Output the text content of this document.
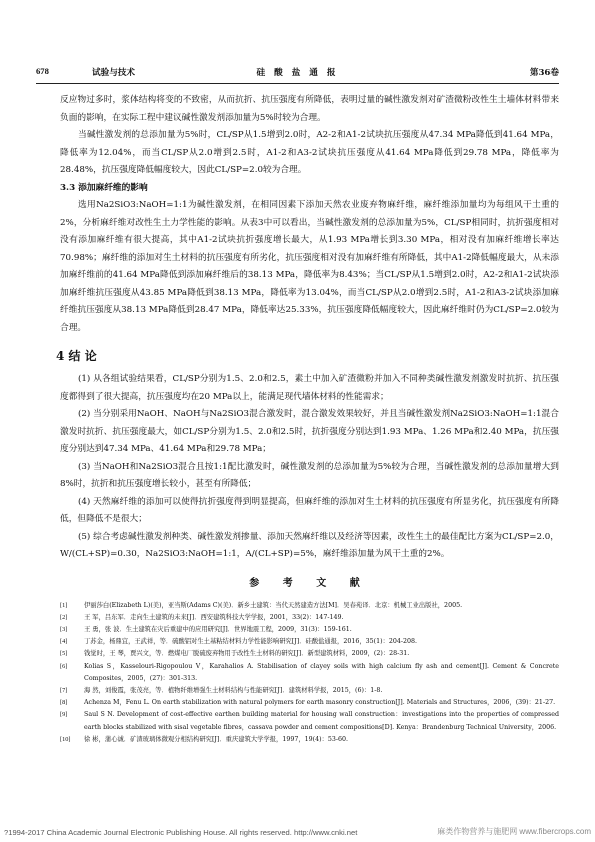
678	试验与技术	硅 酸 盐 通 报	第36卷

反应物过多时，浆体结构将变的不致密，从而抗折、抗压强度有所降低，表明过量的碱性激发剂对矿渣微粉改性生土墙体材料带来负面的影响，在实际工程中建议碱性激发剂添加量为5%时较为合理。

当碱性激发剂的总添加量为5%时，CL/SP从1.5增到2.0时，A2-2和A1-2试块抗压强度从47.34 MPa降低到41.64 MPa，降低率为12.04%，而当CL/SP从2.0增到2.5时，A1-2和A3-2试块抗压强度从41.64 MPa降低到29.78 MPa，降低率为28.48%，抗压强度降低幅度较大，因此CL/SP=2.0较为合理。

3.3 添加麻纤维的影响

选用Na2SiO3:NaOH=1:1为碱性激发剂，在相同因素下添加天然农业废弃物麻纤维，麻纤维添加量均为每组风干土重的2%，分析麻纤维对改性生土力学性能的影响。从表3中可以看出，当碱性激发剂的总添加量为5%，CL/SP相同时，抗折强度相对没有添加麻纤维有很大提高，其中A1-2试块抗折强度增长最大，从1.93 MPa增长到3.30 MPa，相对没有加麻纤维增长率达70.98%；麻纤维的添加对生土材料的抗压强度有所劣化，抗压强度相对没有加麻纤维有所降低，其中A1-2降低幅度最大，从未添加麻纤维前的41.64 MPa降低到添加麻纤维后的38.13 MPa，降低率为8.43%；当CL/SP从1.5增到2.0时，A2-2和A1-2试块添加麻纤维抗压强度从43.85 MPa降低到38.13 MPa，降低率为13.04%，而当CL/SP从2.0增到2.5时，A1-2和A3-2试块添加麻纤维抗压强度从38.13 MPa降低到28.47 MPa，降低率达25.33%，抗压强度降低幅度较大，因此麻纤维时仍为CL/SP=2.0较为合理。

4 结 论

(1) 从各组试验结果看，CL/SP分别为1.5、2.0和2.5，素土中加入矿渣微粉并加入不同种类碱性激发剂激发时抗折、抗压强度都得到了很大提高，抗压强度均在20 MPa以上，能满足现代墙体材料的性能需求；

(2) 当分别采用NaOH、NaOH与Na2SiO3混合激发时，混合激发效果较好，并且当碱性激发剂Na2SiO3:NaOH=1:1混合激发时抗折、抗压强度最大，如CL/SP分别为1.5、2.0和2.5时，抗折强度分别达到1.93 MPa、1.26 MPa和2.40 MPa，抗压强度分别达到47.34 MPa、41.64 MPa和29.78 MPa；

(3) 当NaOH和Na2SiO3混合且按1:1配比激发时，碱性激发剂的总添加量为5%较为合理，当碱性激发剂的总添加量增大到8%时，抗折和抗压强度增长较小，甚至有所降低；

(4) 天然麻纤维的添加可以使得抗折强度得到明显提高，但麻纤维的添加对生土材料的抗压强度有所显劣化，抗压强度有所降低，但降低不是很大；

(5) 综合考虑碱性激发剂种类、碱性激发剂掺量、添加天然麻纤维以及经济等因素，改性生土的最佳配比方案为CL/SP=2.0，W/(CL+SP)=0.30，Na2SiO3:NaOH=1:1，A/(CL+SP)=5%，麻纤维添加量为风干土重的2%。

参 考 文 献
[1]	伊丽莎白(Elizabeth L)(美)，亚当斯(Adams C)(美)．新乡土建筑：当代天然建造方法[M]．吴春苑译．北京：机械工业出版社，2005.
[2]	王 军，吕东军．走向生土建筑的未来[J]．西安建筑科技大学学报，2001，33(2)：147-149.
[3]	王 勇，张 波．生土建筑在灾后重建中的应用研究[J]．世界地震工程，2009，31(3)：159-161.
[4]	丁苏金，杨鼎宜，王武祥，等．硫酸铝对生土基粘结材料力学性能影响研究[J]．硅酸盐通报，2016，35(1)：204-208.
[5]	钱觉时，王 琴，贾兴文，等．燃煤电厂脱硫废弃物用于改性生土材料的研究[J]．新型建筑材料，2009，(2)：28-31.
[6]	Kolias S，Kasselouri-Rigopoulou V，Karahalios A. Stabilisation of clayey soils with high calcium fly ash and cement[J]. Cement & Concrete Composites，2005，(27)：301-313.
[7]	海 然，刘俊霞，张茂亮，等．植物纤维增强生土材料结构与性能研究[J]．建筑材料学报，2015，(6)：1-8.
[8]	Achenza M，Fenu L. On earth stabilization with natural polymers for earth masonry construction[J]. Materials and Structures，2006，(39)：21-27.
[9]	Saul S N. Development of cost-effective earthen building material for housing wall construction：investigations into the properties of compressed earth blocks stabilized with sisal vegetable fibres，cassava powder and cement compositions[D]. Kenya：Brandenburg Technical University，2006.
[10]	徐 彬，蒲心诚．矿渣玻璃体微观分相结构研究[J]．重庆建筑大学学报，1997，19(4)：53-60.
?1994-2017 China Academic Journal Electronic Publishing House. All rights reserved. http://www.cnki.net	麻类作物营养与施肥网 www.fibercrops.com
